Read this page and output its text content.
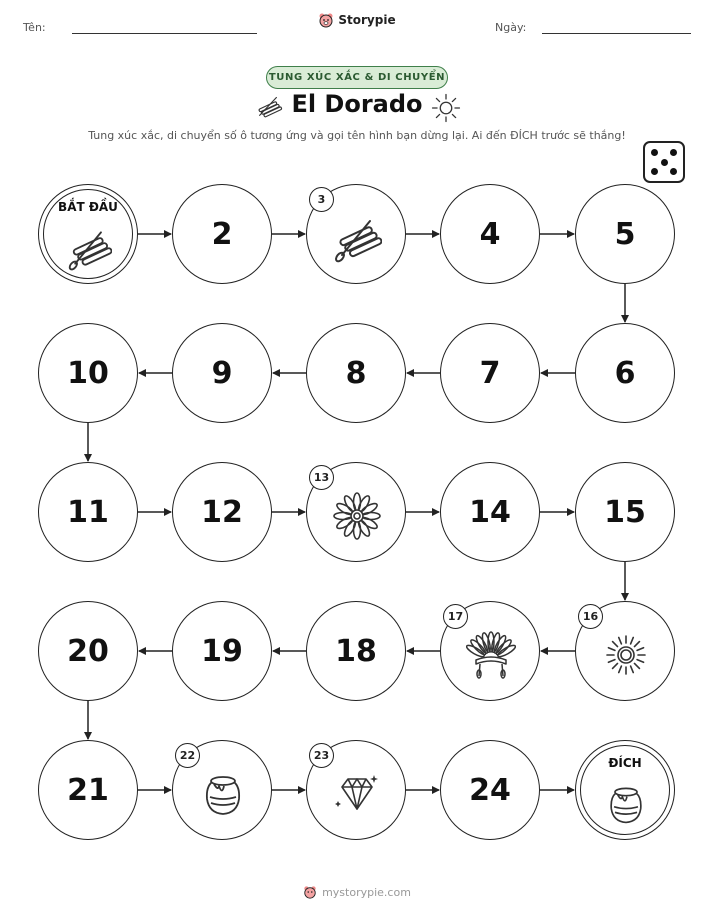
Tên:	Ngày:
Storypie
TUNG XÚC XẮC & DI CHUYỂN
El Dorado
Tung xúc xắc, di chuyển số ô tương ứng và gọi tên hình bạn dừng lại. Ai đến ĐÍCH trước sẽ thắng!
BẮT ĐẦU
2
3
4	5
6
7
8
9
10
11	12
13
14	15
16
17
18
19
20
21
22	23
24
ĐÍCH
mystorypie.com
